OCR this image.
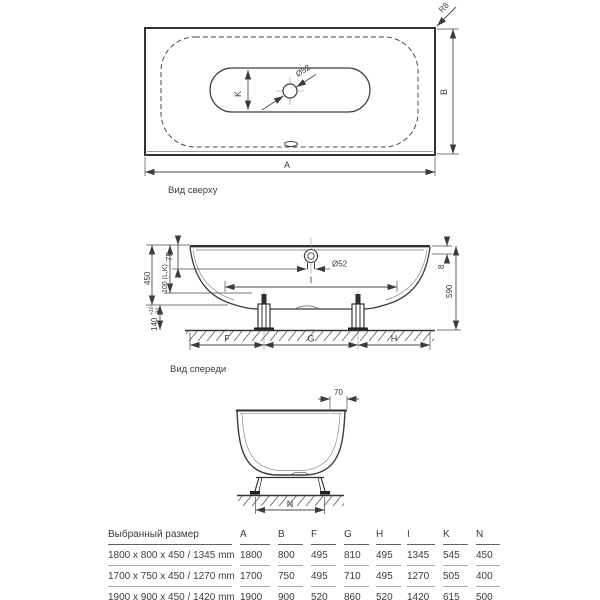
K
Ø52
R8
B
A
Вид сверху
75
100 (L,K)
450
140
+10 -30
8
590
Ø52
I
F	G	H
Вид спереди
70
N
Выбранный размер	A	B	F	G	H	I	K	N
1800 x 800 x 450 / 1345 mm 1800	800	495	810	495	1345	545	450
1700 x 750 x 450 / 1270 mm 1700	750	495	710	495	1270	505	400
1900 x 900 x 450 / 1420 mm 1900	900	520	860	520	1420	615	500
